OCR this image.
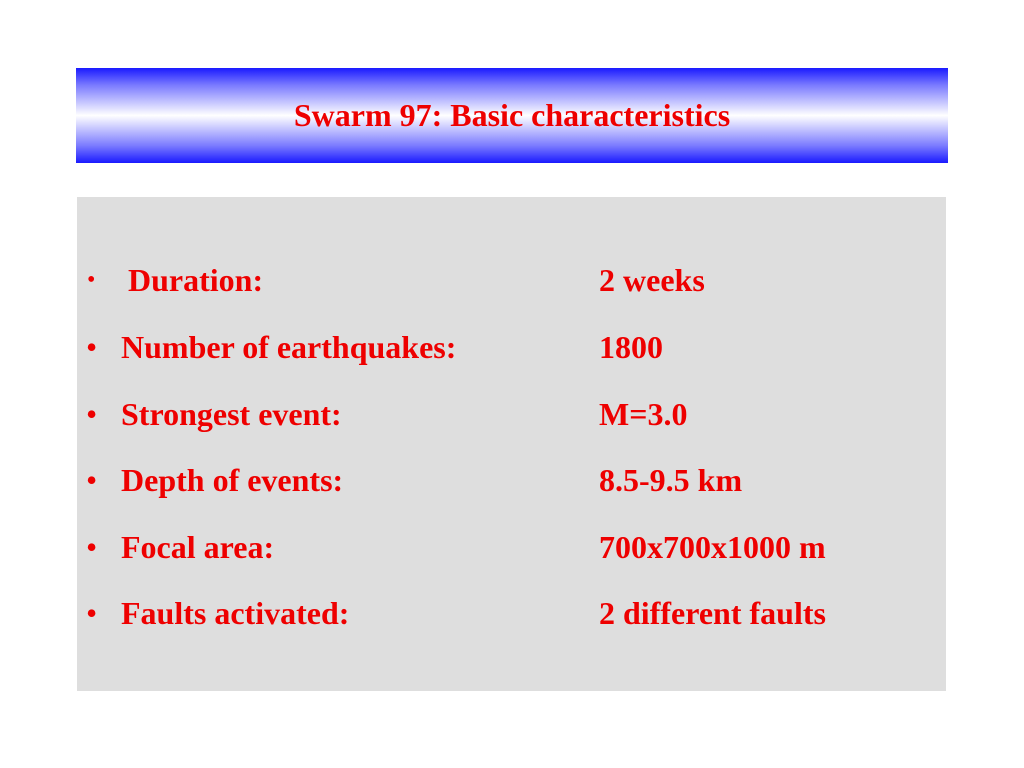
Swarm 97: Basic characteristics
•	Duration:	2 weeks
• Number of earthquakes:	1800
• Strongest event:	M=3.0
• Depth of events:	8.5-9.5 km
• Focal area:	700x700x1000 m
• Faults activated:	2 different faults
